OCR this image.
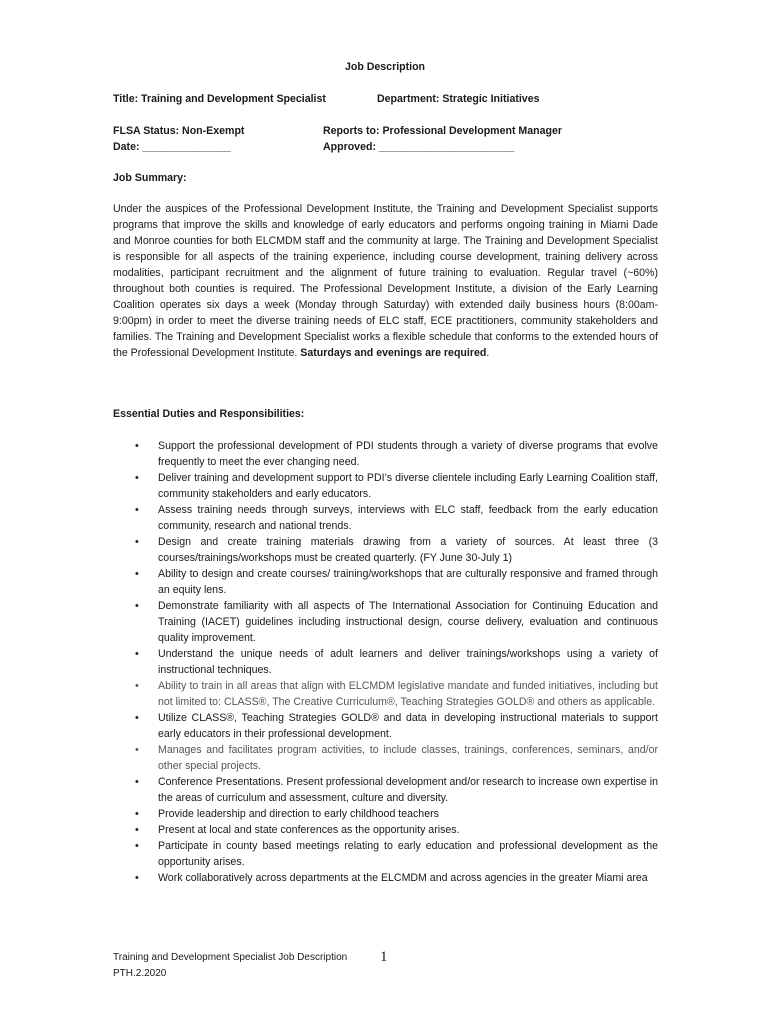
Job Description
Title: Training and Development Specialist	Department: Strategic Initiatives
FLSA Status: Non-Exempt	Reports to: Professional Development Manager
Date: _______________	Approved: _______________________
Job Summary:
Under the auspices of the Professional Development Institute, the Training and Development Specialist supports programs that improve the skills and knowledge of early educators and performs ongoing training in Miami Dade and Monroe counties for both ELCMDM staff and the community at large. The Training and Development Specialist is responsible for all aspects of the training experience, including course development, training delivery across modalities, participant recruitment and the alignment of future training to evaluation. Regular travel (~60%) throughout both counties is required. The Professional Development Institute, a division of the Early Learning Coalition operates six days a week (Monday through Saturday) with extended daily business hours (8:00am-9:00pm) in order to meet the diverse training needs of ELC staff, ECE practitioners, community stakeholders and families. The Training and Development Specialist works a flexible schedule that conforms to the extended hours of the Professional Development Institute. Saturdays and evenings are required.
Essential Duties and Responsibilities:
• Support the professional development of PDI students through a variety of diverse programs that evolve frequently to meet the ever changing need.
• Deliver training and development support to PDI’s diverse clientele including Early Learning Coalition staff, community stakeholders and early educators.
• Assess training needs through surveys, interviews with ELC staff, feedback from the early education community, research and national trends.
• Design and create training materials drawing from a variety of sources. At least three (3 courses/trainings/workshops must be created quarterly. (FY June 30-July 1)
• Ability to design and create courses/ training/workshops that are culturally responsive and framed through an equity lens.
• Demonstrate familiarity with all aspects of The International Association for Continuing Education and Training (IACET) guidelines including instructional design, course delivery, evaluation and continuous quality improvement.
• Understand the unique needs of adult learners and deliver trainings/workshops using a variety of instructional techniques.
• Ability to train in all areas that align with ELCMDM legislative mandate and funded initiatives, including but not limited to: CLASS®, The Creative Curriculum®, Teaching Strategies GOLD® and others as applicable.
• Utilize CLASS®, Teaching Strategies GOLD® and data in developing instructional materials to support early educators in their professional development.
• Manages and facilitates program activities, to include classes, trainings, conferences, seminars, and/or other special projects.
• Conference Presentations. Present professional development and/or research to increase own expertise in the areas of curriculum and assessment, culture and diversity.
• Provide leadership and direction to early childhood teachers
• Present at local and state conferences as the opportunity arises.
• Participate in county based meetings relating to early education and professional development as the opportunity arises.
• Work collaboratively across departments at the ELCMDM and across agencies in the greater Miami area
Training and Development Specialist Job Description
PTH.2.2020
1
